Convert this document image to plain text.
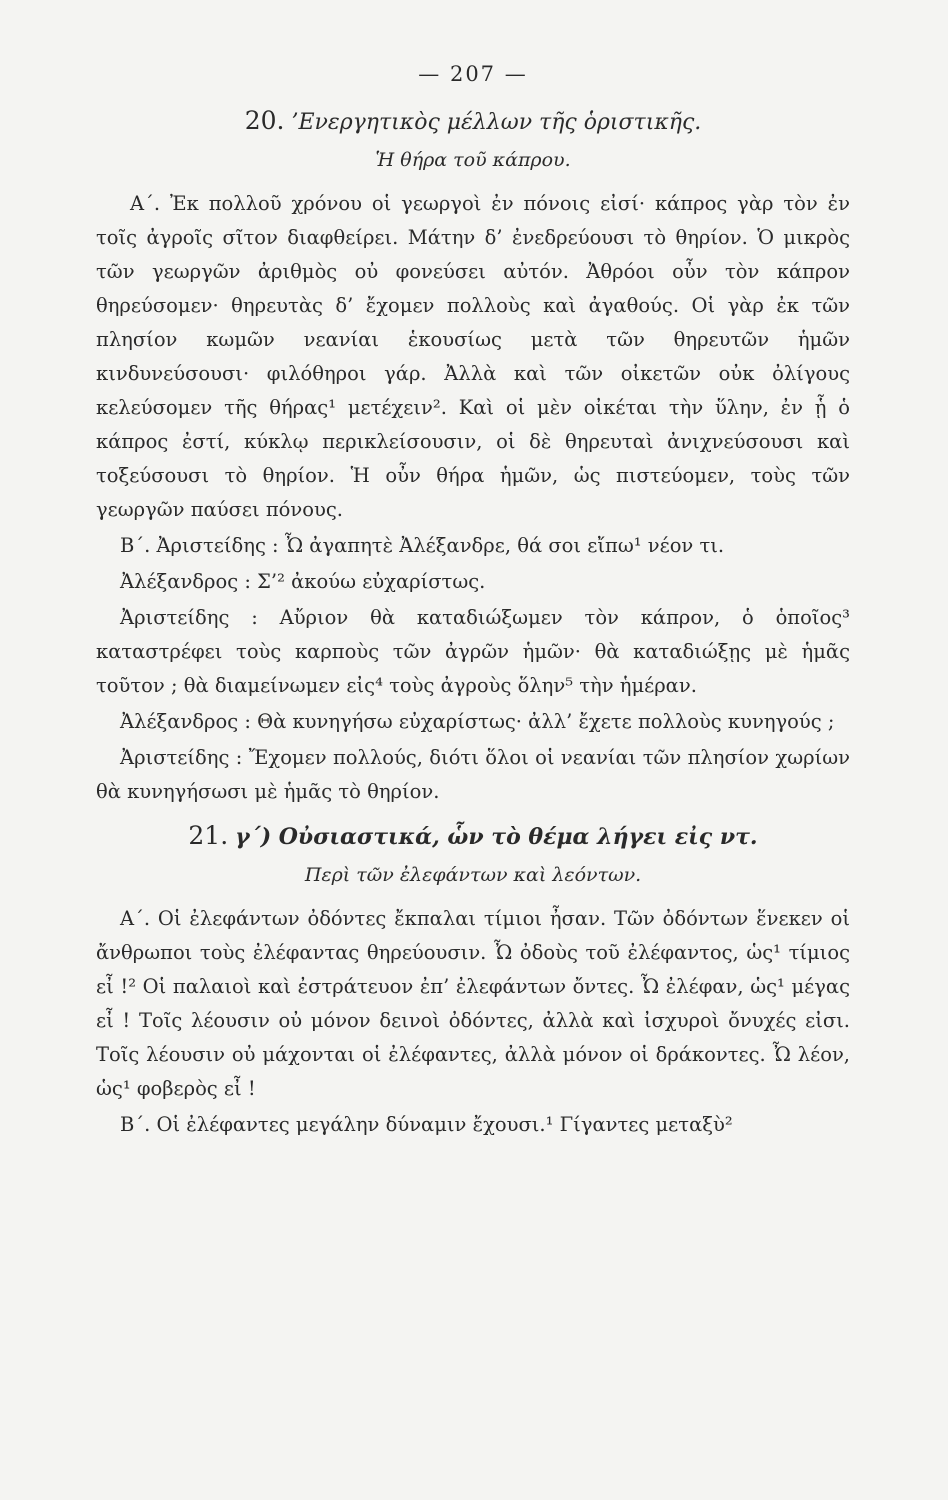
— 207 —
20. ’Ενεργητικὸς μέλλων τῆς ὁριστικῆς.
Ἡ θήρα τοῦ κάπρου.

Α΄. Ἐκ πολλοῦ χρόνου οἱ γεωργοὶ ἐν πόνοις εἰσί· κάπρος γὰρ τὸν ἐν τοῖς ἀγροῖς σῖτον διαφθείρει. Μάτην δ’ ἐνεδρεύουσι τὸ θηρίον. Ὁ μικρὸς τῶν γεωργῶν ἀριθμὸς οὐ φονεύσει αὐτόν. Ἀθρόοι οὖν τὸν κάπρον θηρεύσομεν· θηρευτὰς δ’ ἔχομεν πολλοὺς καὶ ἀγαθούς. Οἱ γὰρ ἐκ τῶν πλησίον κωμῶν νεανίαι ἑκουσίως μετὰ τῶν θηρευτῶν ἡμῶν κινδυνεύσουσι· φιλόθηροι γάρ. Ἀλλὰ καὶ τῶν οἰκετῶν οὐκ ὀλίγους κελεύσομεν τῆς θήρας¹ μετέχειν². Καὶ οἱ μὲν οἰκέται τὴν ὕλην, ἐν ᾗ ὁ κάπρος ἐστί, κύκλῳ περικλείσουσιν, οἱ δὲ θηρευταὶ ἀνιχνεύσουσι καὶ τοξεύσουσι τὸ θηρίον. Ἡ οὖν θήρα ἡμῶν, ὡς πιστεύομεν, τοὺς τῶν γεωργῶν παύσει πόνους.

Β΄. Ἀριστείδης : Ὦ ἀγαπητὲ Ἀλέξανδρε, θά σοι εἴπω¹ νέον τι.

Ἀλέξανδρος : Σ’² ἀκούω εὐχαρίστως.

Ἀριστείδης : Αὔριον θὰ καταδιώξωμεν τὸν κάπρον, ὁ ὁποῖος³ καταστρέφει τοὺς καρποὺς τῶν ἀγρῶν ἡμῶν· θὰ καταδιώξῃς μὲ ἡμᾶς τοῦτον ; θὰ διαμείνωμεν εἰς⁴ τοὺς ἀγροὺς ὅλην⁵ τὴν ἡμέραν.

Ἀλέξανδρος : Θὰ κυνηγήσω εὐχαρίστως· ἀλλ’ ἔχετε πολλοὺς κυνηγούς ;

Ἀριστείδης : Ἔχομεν πολλούς, διότι ὅλοι οἱ νεανίαι τῶν πλησίον χωρίων θὰ κυνηγήσωσι μὲ ἡμᾶς τὸ θηρίον.

21. γ΄) Οὐσιαστικά, ὧν τὸ θέμα λήγει εἰς ντ.
Περὶ τῶν ἐλεφάντων καὶ λεόντων.

Α΄. Οἱ ἐλεφάντων ὀδόντες ἔκπαλαι τίμιοι ἦσαν. Τῶν ὀδόντων ἕνεκεν οἱ ἄνθρωποι τοὺς ἐλέφαντας θηρεύουσιν. Ὦ ὀδοὺς τοῦ ἐλέφαντος, ὡς¹ τίμιος εἶ !² Οἱ παλαιοὶ καὶ ἐστράτευον ἐπ’ ἐλεφάντων ὄντες. Ὦ ἐλέφαν, ὡς¹ μέγας εἶ ! Τοῖς λέουσιν οὐ μόνον δεινοὶ ὀδόντες, ἀλλὰ καὶ ἰσχυροὶ ὄνυχές εἰσι. Τοῖς λέουσιν οὐ μάχονται οἱ ἐλέφαντες, ἀλλὰ μόνον οἱ δράκοντες. Ὦ λέον, ὡς¹ φοβερὸς εἶ !

Β΄. Οἱ ἐλέφαντες μεγάλην δύναμιν ἔχουσι.¹ Γίγαντες μεταξὺ²
